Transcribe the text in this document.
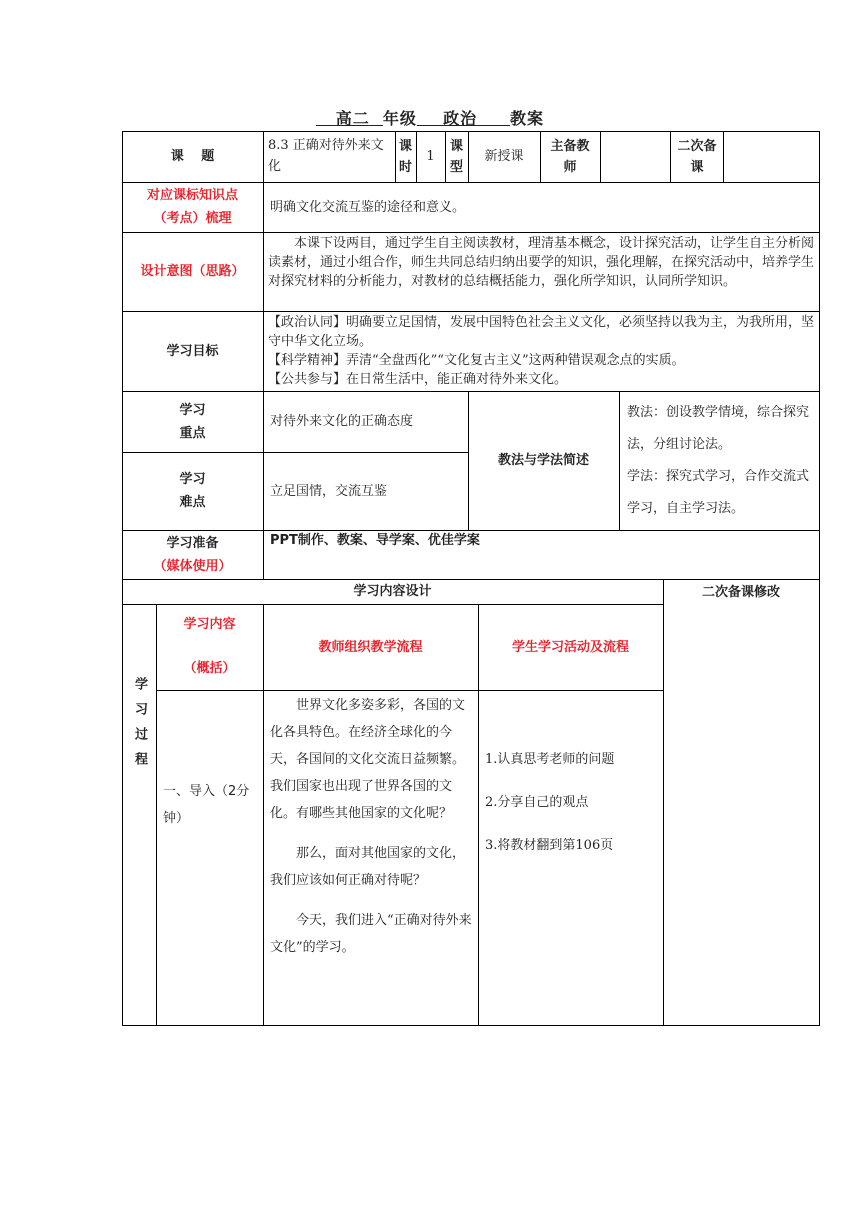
高二 年级 政治 教案
课　 题
8.3 正确对待外来文化
课时
1
课型
新授课
主备教师
二次备课
对应课标知识点
（考点）梳理
明确文化交流互鉴的途径和意义。
设计意图（思路）
本课下设两目，通过学生自主阅读教材，理清基本概念，设计探究活动，让学生自主分析阅读素材，通过小组合作，师生共同总结归纳出要学的知识，强化理解，在探究活动中，培养学生对探究材料的分析能力，对教材的总结概括能力，强化所学知识，认同所学知识。
学习目标
【政治认同】明确要立足国情，发展中国特色社会主义文化，必须坚持以我为主，为我所用，坚守中华文化立场。
【科学精神】弄清“全盘西化”“文化复古主义”这两种错误观念点的实质。
【公共参与】在日常生活中，能正确对待外来文化。
学习
重点
对待外来文化的正确态度
学习
难点
立足国情，交流互鉴
教法与学法简述
教法：创设教学情境，综合探究法，分组讨论法。
学法：探究式学习，合作交流式学习，自主学习法。
学习准备
（媒体使用）
PPT制作、教案、导学案、优佳学案
学习内容设计	二次备课修改
学习过程
学习内容
（概括）
教师组织教学流程	学生学习活动及流程
一、导入（2分钟）
世界文化多姿多彩，各国的文化各具特色。在经济全球化的今天，各国间的文化交流日益频繁。我们国家也出现了世界各国的文化。有哪些其他国家的文化呢？
那么，面对其他国家的文化，我们应该如何正确对待呢？
今天，我们进入“正确对待外来文化”的学习。
1.认真思考老师的问题
2.分享自己的观点
3.将教材翻到第106页
